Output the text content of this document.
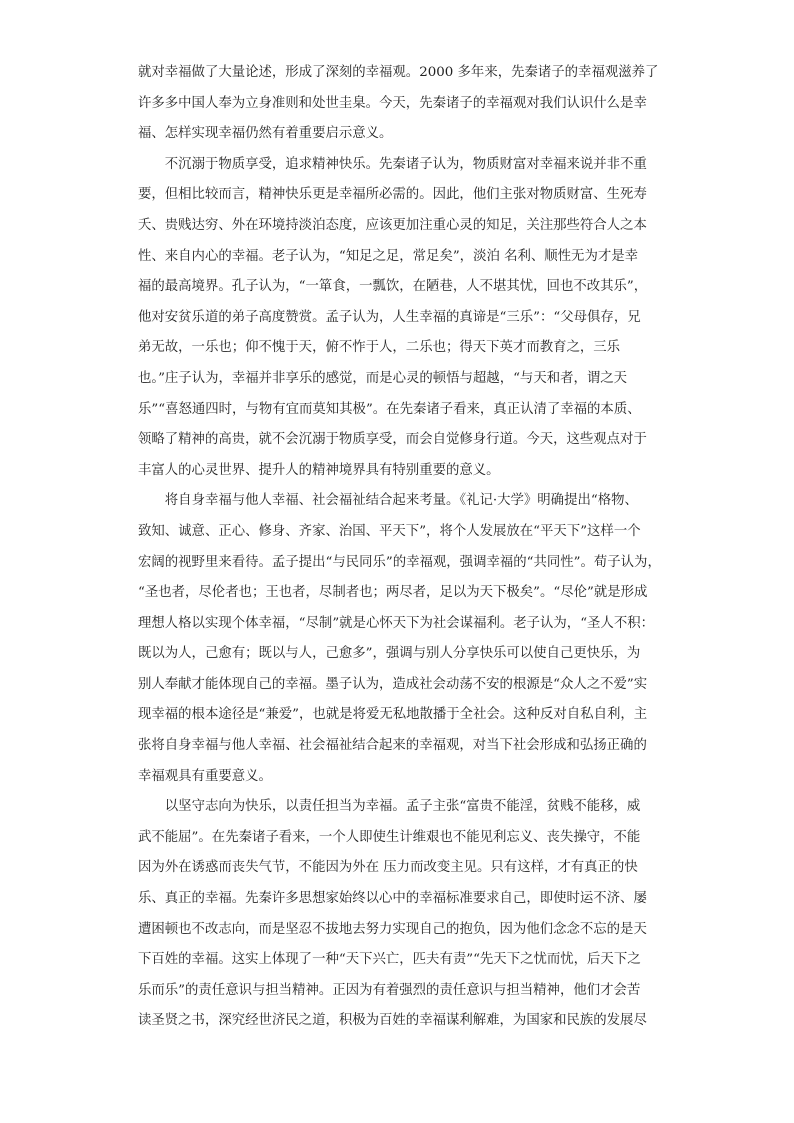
就对幸福做了大量论述，形成了深刻的幸福观。2000 多年来，先秦诸子的幸福观滋养了
许多多中国人奉为立身准则和处世圭臬。今天，先秦诸子的幸福观对我们认识什么是幸
福、怎样实现幸福仍然有着重要启示意义。
不沉溺于物质享受，追求精神快乐。先秦诸子认为，物质财富对幸福来说并非不重
要，但相比较而言，精神快乐更是幸福所必需的。因此，他们主张对物质财富、生死寿
夭、贵贱达穷、外在环境持淡泊态度，应该更加注重心灵的知足，关注那些符合人之本
性、来自内心的幸福。老子认为，“知足之足，常足矣”，淡泊 名利、顺性无为才是幸
福的最高境界。孔子认为，“一箪食，一瓢饮，在陋巷，人不堪其忧，回也不改其乐”，
他对安贫乐道的弟子高度赞赏。孟子认为，人生幸福的真谛是“三乐”：“父母俱存，兄
弟无故，一乐也；仰不愧于天，俯不怍于人，二乐也；得天下英才而教育之，三乐
也。”庄子认为，幸福并非享乐的感觉，而是心灵的顿悟与超越，“与天和者，谓之天
乐”“喜怒通四时，与物有宜而莫知其极”。在先秦诸子看来，真正认清了幸福的本质、
领略了精神的高贵，就不会沉溺于物质享受，而会自觉修身行道。今天，这些观点对于
丰富人的心灵世界、提升人的精神境界具有特别重要的意义。
将自身幸福与他人幸福、社会福祉结合起来考量。《礼记·大学》明确提出“格物、
致知、诚意、正心、修身、齐家、治国、平天下”，将个人发展放在“平天下”这样一个
宏阔的视野里来看待。孟子提出“与民同乐”的幸福观，强调幸福的“共同性”。荀子认为，
“圣也者，尽伦者也；王也者，尽制者也；两尽者，足以为天下极矣”。“尽伦”就是形成
理想人格以实现个体幸福，“尽制”就是心怀天下为社会谋福利。老子认为，“圣人不积：
既以为人，己愈有；既以与人，己愈多”，强调与别人分享快乐可以使自己更快乐，为
别人奉献才能体现自己的幸福。墨子认为，造成社会动荡不安的根源是“众人之不爱”实
现幸福的根本途径是“兼爱”，也就是将爱无私地散播于全社会。这种反对自私自利，主
张将自身幸福与他人幸福、社会福祉结合起来的幸福观，对当下社会形成和弘扬正确的
幸福观具有重要意义。
以坚守志向为快乐，以责任担当为幸福。孟子主张“富贵不能淫，贫贱不能移，威
武不能屈”。在先秦诸子看来，一个人即使生计维艰也不能见利忘义、丧失操守，不能
因为外在诱惑而丧失气节，不能因为外在 压力而改变主见。只有这样，才有真正的快
乐、真正的幸福。先秦许多思想家始终以心中的幸福标准要求自己，即使时运不济、屡
遭困顿也不改志向，而是坚忍不拔地去努力实现自己的抱负，因为他们念念不忘的是天
下百姓的幸福。这实上体现了一种“天下兴亡，匹夫有责”“先天下之忧而忧，后天下之
乐而乐”的责任意识与担当精神。正因为有着强烈的责任意识与担当精神，他们才会苦
读圣贤之书，深究经世济民之道，积极为百姓的幸福谋利解难，为国家和民族的发展尽
